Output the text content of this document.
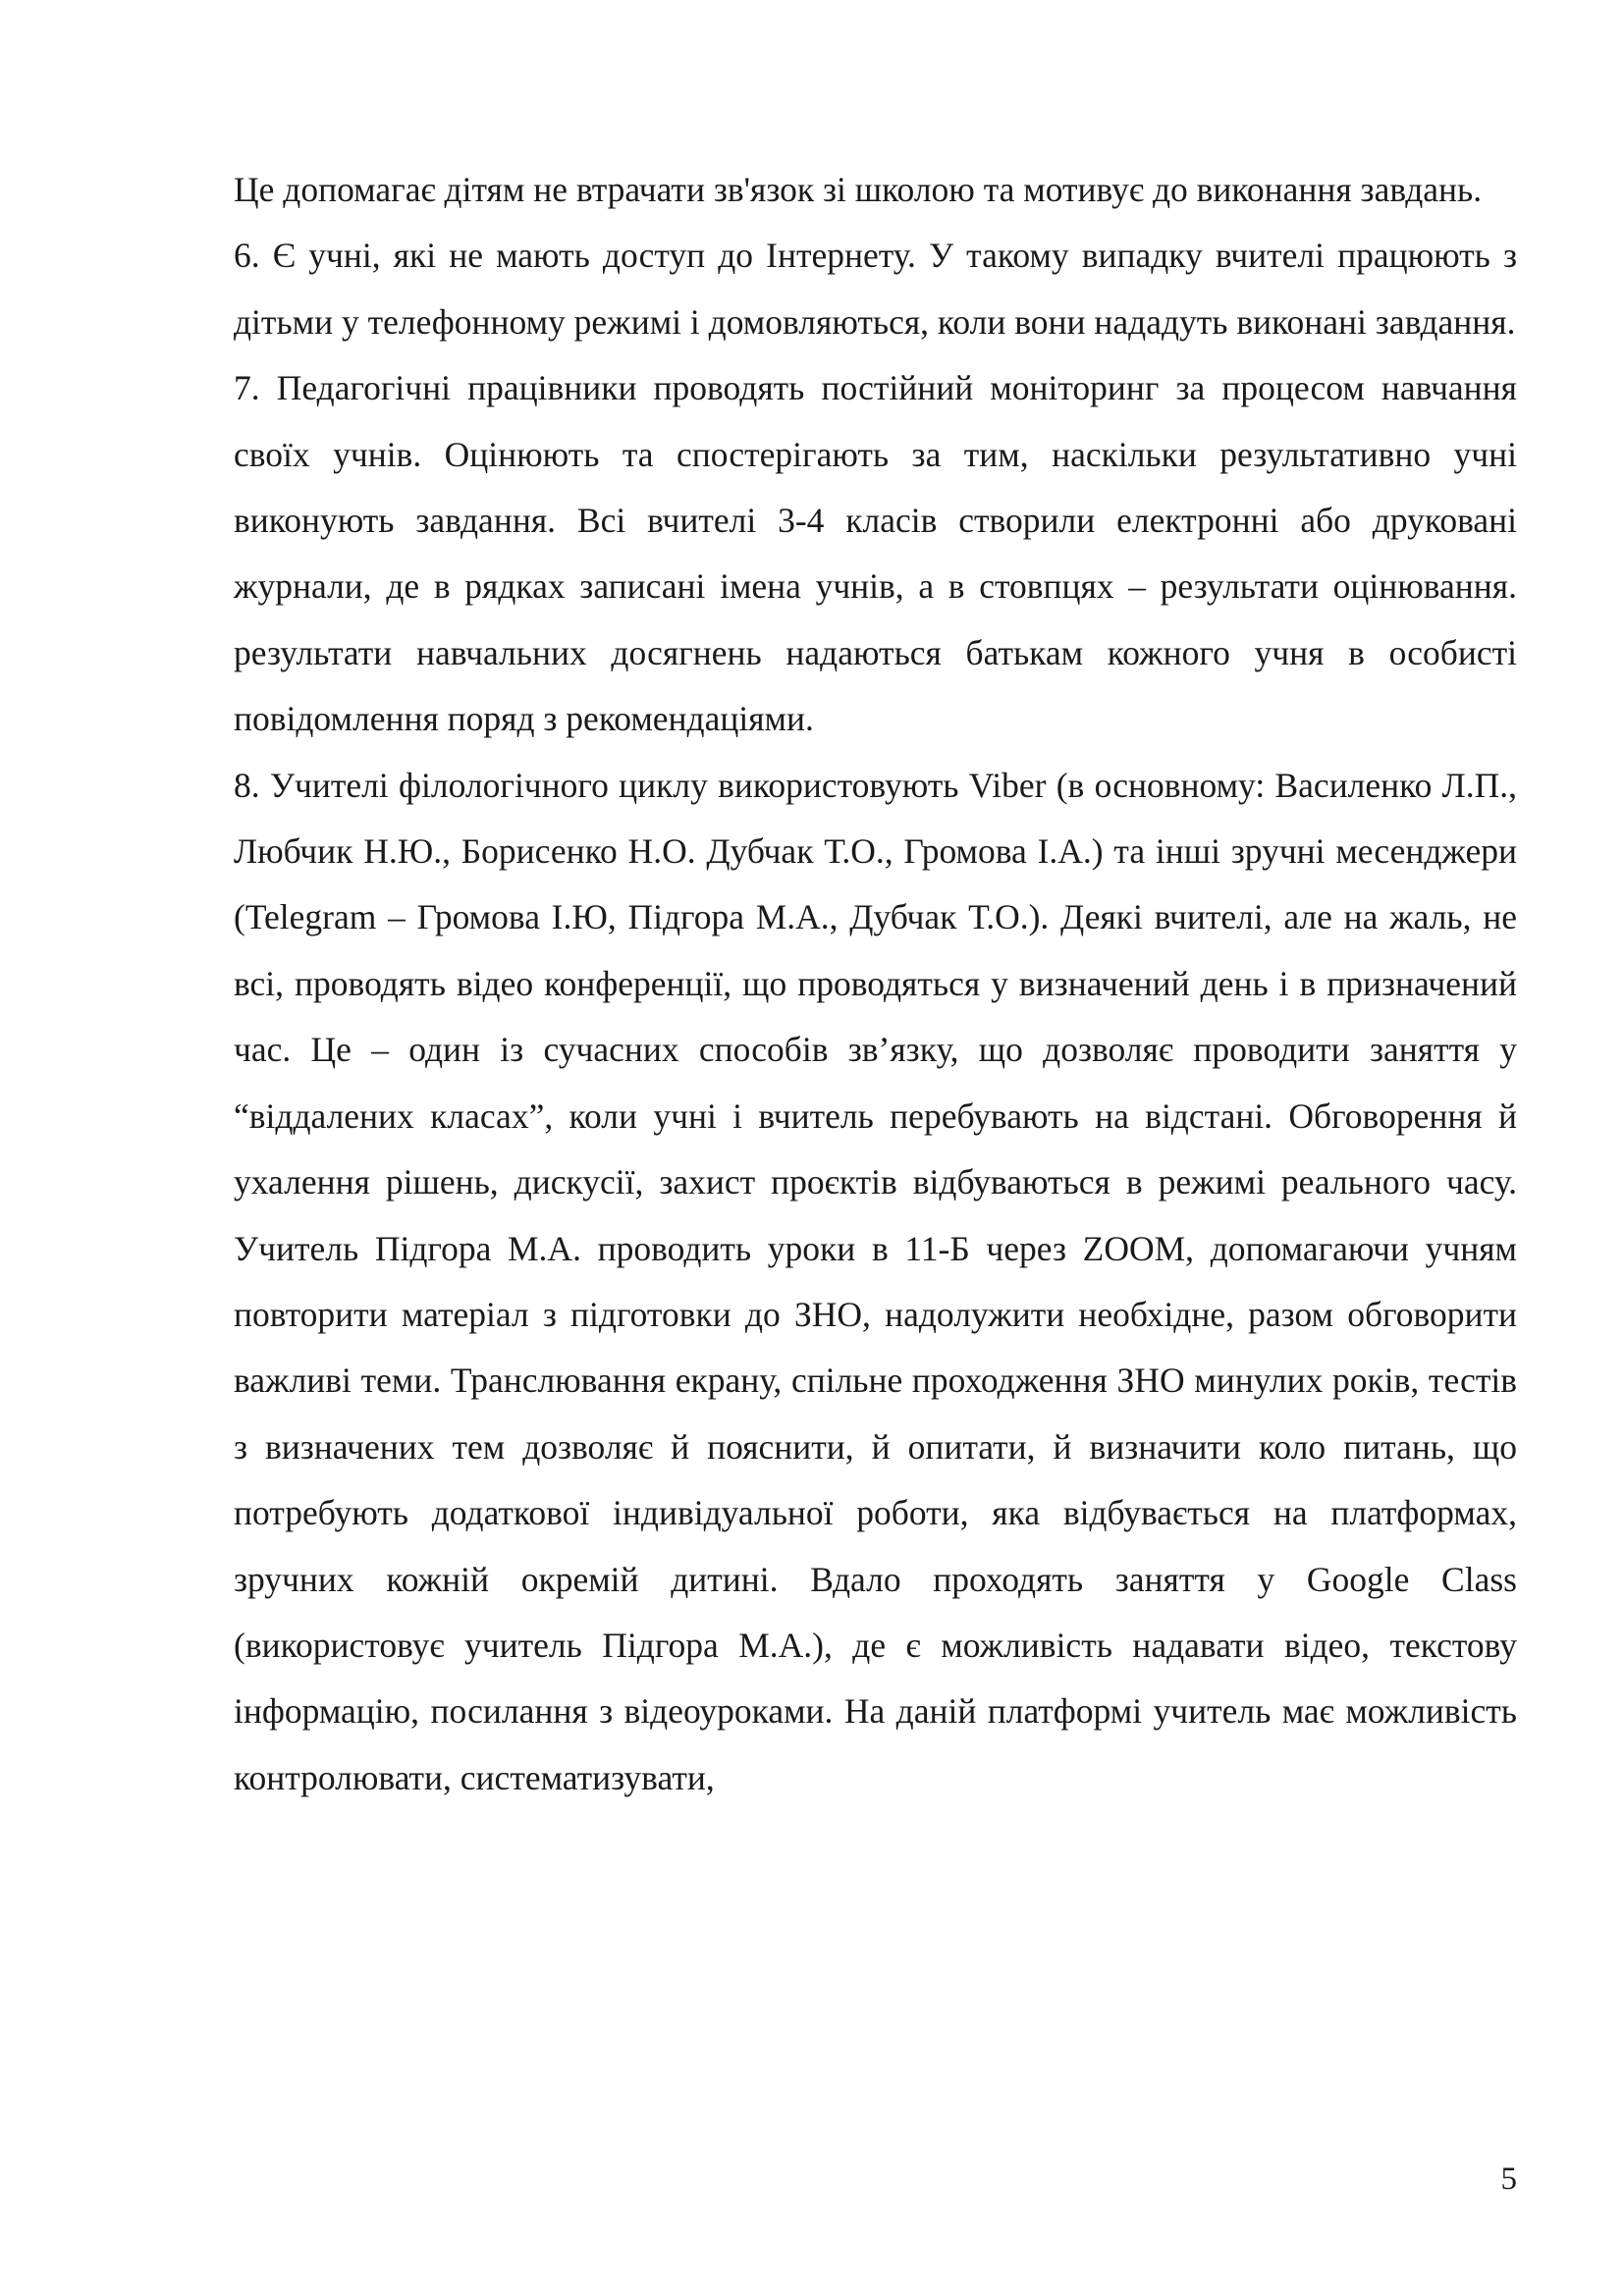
Це допомагає дітям не втрачати зв'язок зі школою та мотивує до виконання завдань.

6. Є учні, які не мають доступ до Інтернету. У такому випадку вчителі працюють з дітьми у телефонному режимі і домовляються, коли вони нададуть виконані завдання.

7. Педагогічні працівники проводять постійний моніторинг за процесом навчання своїх учнів. Оцінюють та спостерігають за тим, наскільки результативно учні виконують завдання. Всі вчителі 3-4 класів створили електронні або друковані журнали, де в рядках записані імена учнів, а в стовпцях – результати оцінювання. результати навчальних досягнень надаються батькам кожного учня в особисті повідомлення поряд з рекомендаціями.

8. Учителі філологічного циклу використовують Viber (в основному: Василенко Л.П., Любчик Н.Ю., Борисенко Н.О. Дубчак Т.О., Громова І.А.) та інші зручні месенджери (Telegram – Громова І.Ю, Підгора М.А., Дубчак Т.О.). Деякі вчителі, але на жаль, не всі, проводять відео конференції, що проводяться у визначений день і в призначений час. Це – один із сучасних способів зв’язку, що дозволяє проводити заняття у “віддалених класах”, коли учні і вчитель перебувають на відстані. Обговорення й ухалення рішень, дискусії, захист проєктів відбуваються в режимі реального часу. Учитель Підгора М.А. проводить уроки в 11-Б через ZOOM, допомагаючи учням повторити матеріал з підготовки до ЗНО, надолужити необхідне, разом обговорити важливі теми. Транслювання екрану, спільне проходження ЗНО минулих років, тестів з визначених тем дозволяє й пояснити, й опитати, й визначити коло питань, що потребують додаткової індивідуальної роботи, яка відбувається на платформах, зручних кожній окремій дитині. Вдало проходять заняття у Google Class (використовує учитель Підгора М.А.), де є можливість надавати відео, текстову інформацію, посилання з відеоуроками. На даній платформі учитель має можливість контролювати, систематизувати,

5
